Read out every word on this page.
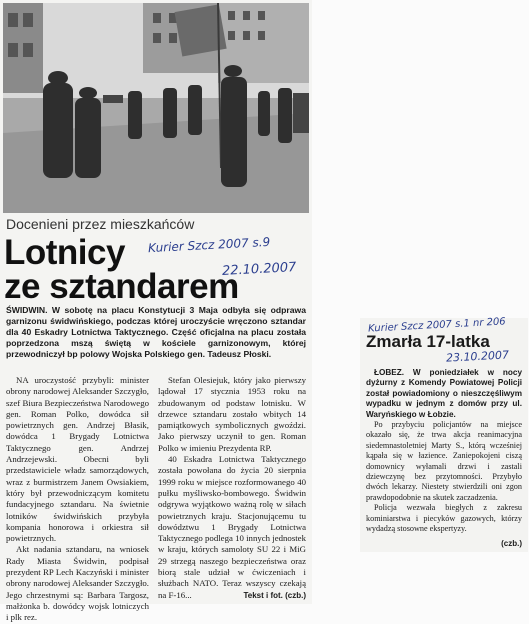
Docenieni przez mieszkańców
Lotnicy
ze sztandarem
Kurier Szcz 2007 s.9
22.10.2007

ŚWIDWIN. W sobotę na placu Konstytucji 3 Maja odbyła się odprawa garnizonu świdwińskiego, podczas której uroczyście wręczono sztandar dla 40 Eskadry Lotnictwa Taktycznego. Część oficjalna na placu została poprzedzona mszą świętą w kościele garnizonowym, której przewodniczył bp polowy Wojska Polskiego gen. Tadeusz Płoski.

NA uroczystość przybyli: minister obrony narodowej Aleksander Szczygło, szef Biura Bezpieczeństwa Narodowego gen. Roman Polko, dowódca sił powietrznych gen. Andrzej Błasik, dowódca 1 Brygady Lotnictwa Taktycznego gen. Andrzej Andrzejewski. Obecni byli przedstawiciele władz samorządowych, wraz z burmistrzem Janem Owsiakiem, który był przewodniczącym komitetu fundacyjnego sztandaru. Na świetnie lotników świdwińskich przybyła kompania honorowa i orkiestra sił powietrznych.

Akt nadania sztandaru, na wniosek Rady Miasta Świdwin, podpisał prezydent RP Lech Kaczyński i minister obrony narodowej Aleksander Szczygło. Jego chrzestnymi są: Barbara Targosz, małżonka b. dowódcy wojsk lotniczych i plk rez.

Stefan Olesiejuk, który jako pierwszy lądował 17 stycznia 1953 roku na zbudowanym od podstaw lotnisku. W drzewce sztandaru zostało wbitych 14 pamiątkowych symbolicznych gwoździ. Jako pierwszy uczynił to gen. Roman Polko w imieniu Prezydenta RP.

40 Eskadra Lotnictwa Taktycznego została powołana do życia 20 sierpnia 1999 roku w miejsce rozformowanego 40 pułku myśliwsko-bombowego. Świdwin odgrywa wyjątkowo ważną rolę w siłach powietrznych kraju. Stacjonującemu tu dowództwu 1 Brygady Lotnictwa Taktycznego podlega 10 innych jednostek w kraju, których samoloty SU 22 i MiG 29 strzegą naszego bezpieczeństwa oraz biorą stale udział w ćwiczeniach i służbach NATO. Teraz wszyscy czekają na F-16...	Tekst i fot. (czb.)
Kurier Szcz 2007 s.1 nr 206
Zmarła 17-latka
23.10.2007

ŁOBEZ. W poniedziałek w nocy dyżurny z Komendy Powiatowej Policji został powiadomiony o nieszczęśliwym wypadku w jednym z domów przy ul. Waryńskiego w Łobzie.

Po przybyciu policjantów na miejsce okazało się, że trwa akcja reanimacyjna siedemnastoletniej Marty S., którą wcześniej kąpała się w łazience. Zaniepokojeni ciszą domownicy wyłamali drzwi i zastali dziewczynę bez przytomności. Przybyło dwóch lekarzy. Niestety stwierdzili oni zgon prawdopodobnie na skutek zaczadzenia.

Policja wezwała biegłych z zakresu kominiarstwa i piecyków gazowych, którzy wydadzą stosowne ekspertyzy.

(czb.)
